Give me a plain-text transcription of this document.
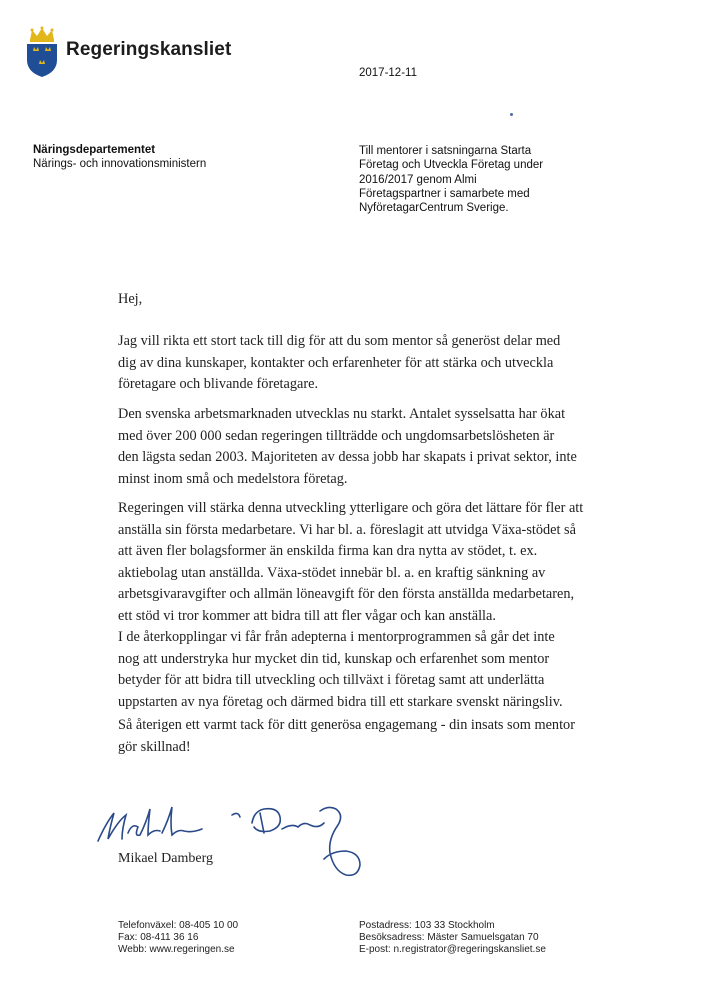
Regeringskansliet
2017-12-11
Näringsdepartementet
Närings- och innovationsministern
Till mentorer i satsningarna Starta
Företag och Utveckla Företag under
2016/2017 genom Almi
Företagspartner i samarbete med
NyföretagarCentrum Sverige.
Hej,
Jag vill rikta ett stort tack till dig för att du som mentor så generöst delar med
dig av dina kunskaper, kontakter och erfarenheter för att stärka och utveckla
företagare och blivande företagare.
Den svenska arbetsmarknaden utvecklas nu starkt. Antalet sysselsatta har ökat
med över 200 000 sedan regeringen tillträdde och ungdomsarbetslösheten är
den lägsta sedan 2003. Majoriteten av dessa jobb har skapats i privat sektor, inte
minst inom små och medelstora företag.
Regeringen vill stärka denna utveckling ytterligare och göra det lättare för fler att
anställa sin första medarbetare. Vi har bl. a. föreslagit att utvidga Växa-stödet så
att även fler bolagsformer än enskilda firma kan dra nytta av stödet, t. ex.
aktiebolag utan anställda. Växa-stödet innebär bl. a. en kraftig sänkning av
arbetsgivaravgifter och allmän löneavgift för den första anställda medarbetaren,
ett stöd vi tror kommer att bidra till att fler vågar och kan anställa.
I de återkopplingar vi får från adepterna i mentorprogrammen så går det inte
nog att understryka hur mycket din tid, kunskap och erfarenhet som mentor
betyder för att bidra till utveckling och tillväxt i företag samt att underlätta
uppstarten av nya företag och därmed bidra till ett starkare svenskt näringsliv.
Så återigen ett varmt tack för ditt generösa engagemang - din insats som mentor
gör skillnad!
Mikael Damberg
Telefonväxel: 08-405 10 00
Fax: 08-411 36 16
Webb: www.regeringen.se
Postadress: 103 33 Stockholm
Besöksadress: Mäster Samuelsgatan 70
E-post: n.registrator@regeringskansliet.se
